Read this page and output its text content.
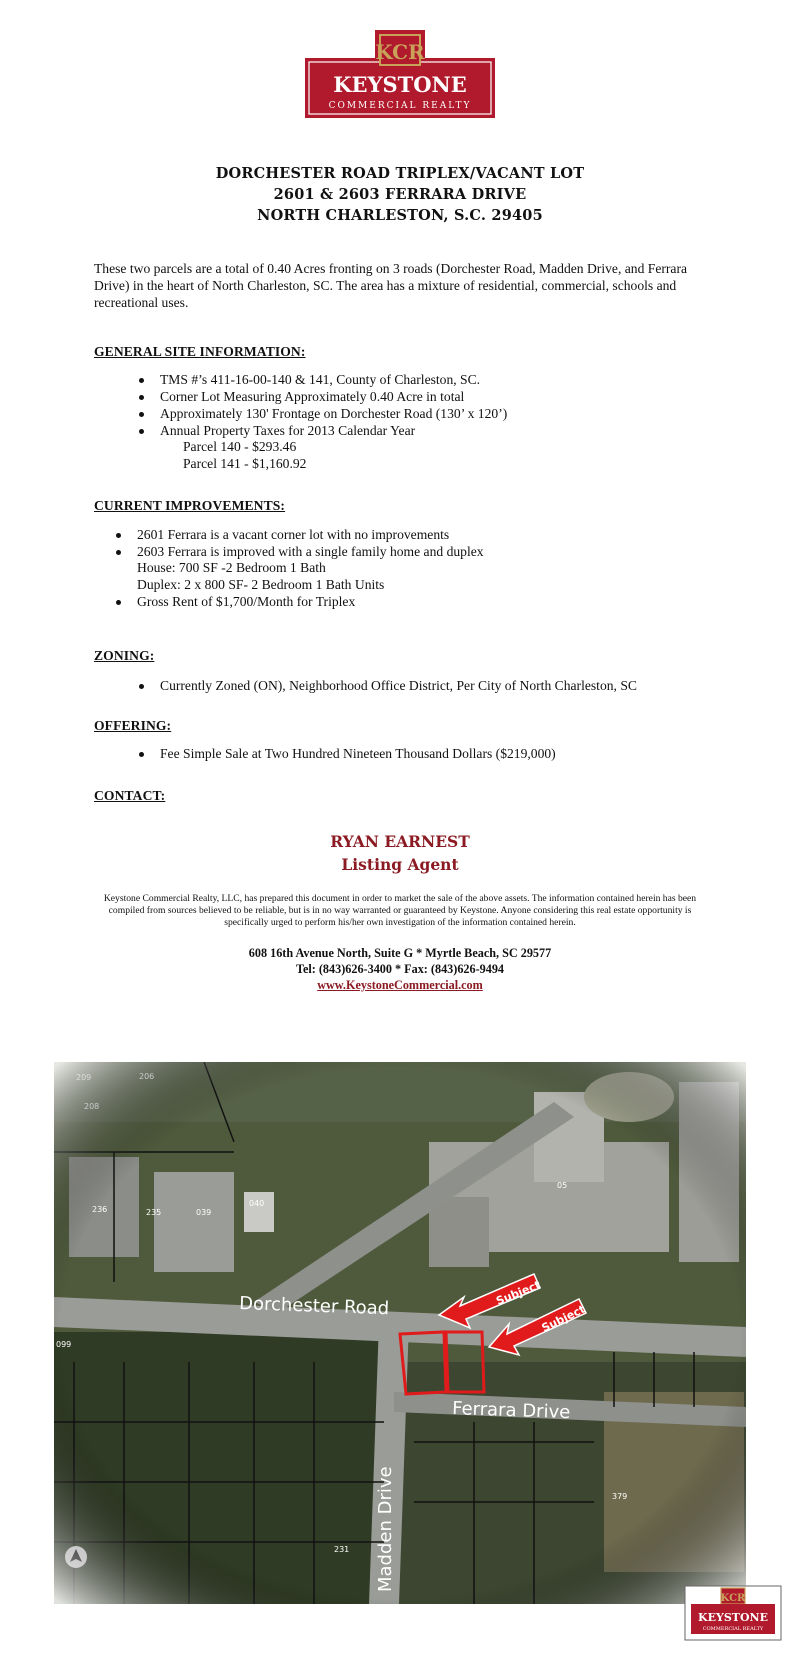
KCR
KEYSTONE
COMMERCIAL REALTY
DORCHESTER ROAD TRIPLEX/VACANT LOT
2601 & 2603 FERRARA DRIVE
NORTH CHARLESTON, S.C. 29405
These two parcels are a total of 0.40 Acres fronting on 3 roads (Dorchester Road, Madden Drive, and Ferrara Drive) in the heart of North Charleston, SC. The area has a mixture of residential, commercial, schools and recreational uses.
GENERAL SITE INFORMATION:
TMS #’s 411-16-00-140 & 141, County of Charleston, SC.
Corner Lot Measuring Approximately 0.40 Acre in total
Approximately 130' Frontage on Dorchester Road (130’ x 120’)
Annual Property Taxes for 2013 Calendar Year
Parcel 140 - $293.46
Parcel 141 - $1,160.92
CURRENT IMPROVEMENTS:
2601 Ferrara is a vacant corner lot with no improvements
2603 Ferrara is improved with a single family home and duplex
House: 700 SF -2 Bedroom 1 Bath
Duplex: 2 x 800 SF- 2 Bedroom 1 Bath Units
Gross Rent of $1,700/Month for Triplex
ZONING:
Currently Zoned (ON), Neighborhood Office District, Per City of North Charleston, SC
OFFERING:
Fee Simple Sale at Two Hundred Nineteen Thousand Dollars ($219,000)
CONTACT:
RYAN EARNEST
Listing Agent
Keystone Commercial Realty, LLC, has prepared this document in order to market the sale of the above assets. The information contained herein has been compiled from sources believed to be reliable, but is in no way warranted or guaranteed by Keystone. Anyone considering this real estate opportunity is specifically urged to perform his/her own investigation of the information contained herein.
608 16th Avenue North, Suite G * Myrtle Beach, SC 29577
Tel: (843)626-3400 * Fax: (843)626-9494
www.KeystoneCommercial.com
KCR
KEYSTONE
COMMERCIAL REALTY
